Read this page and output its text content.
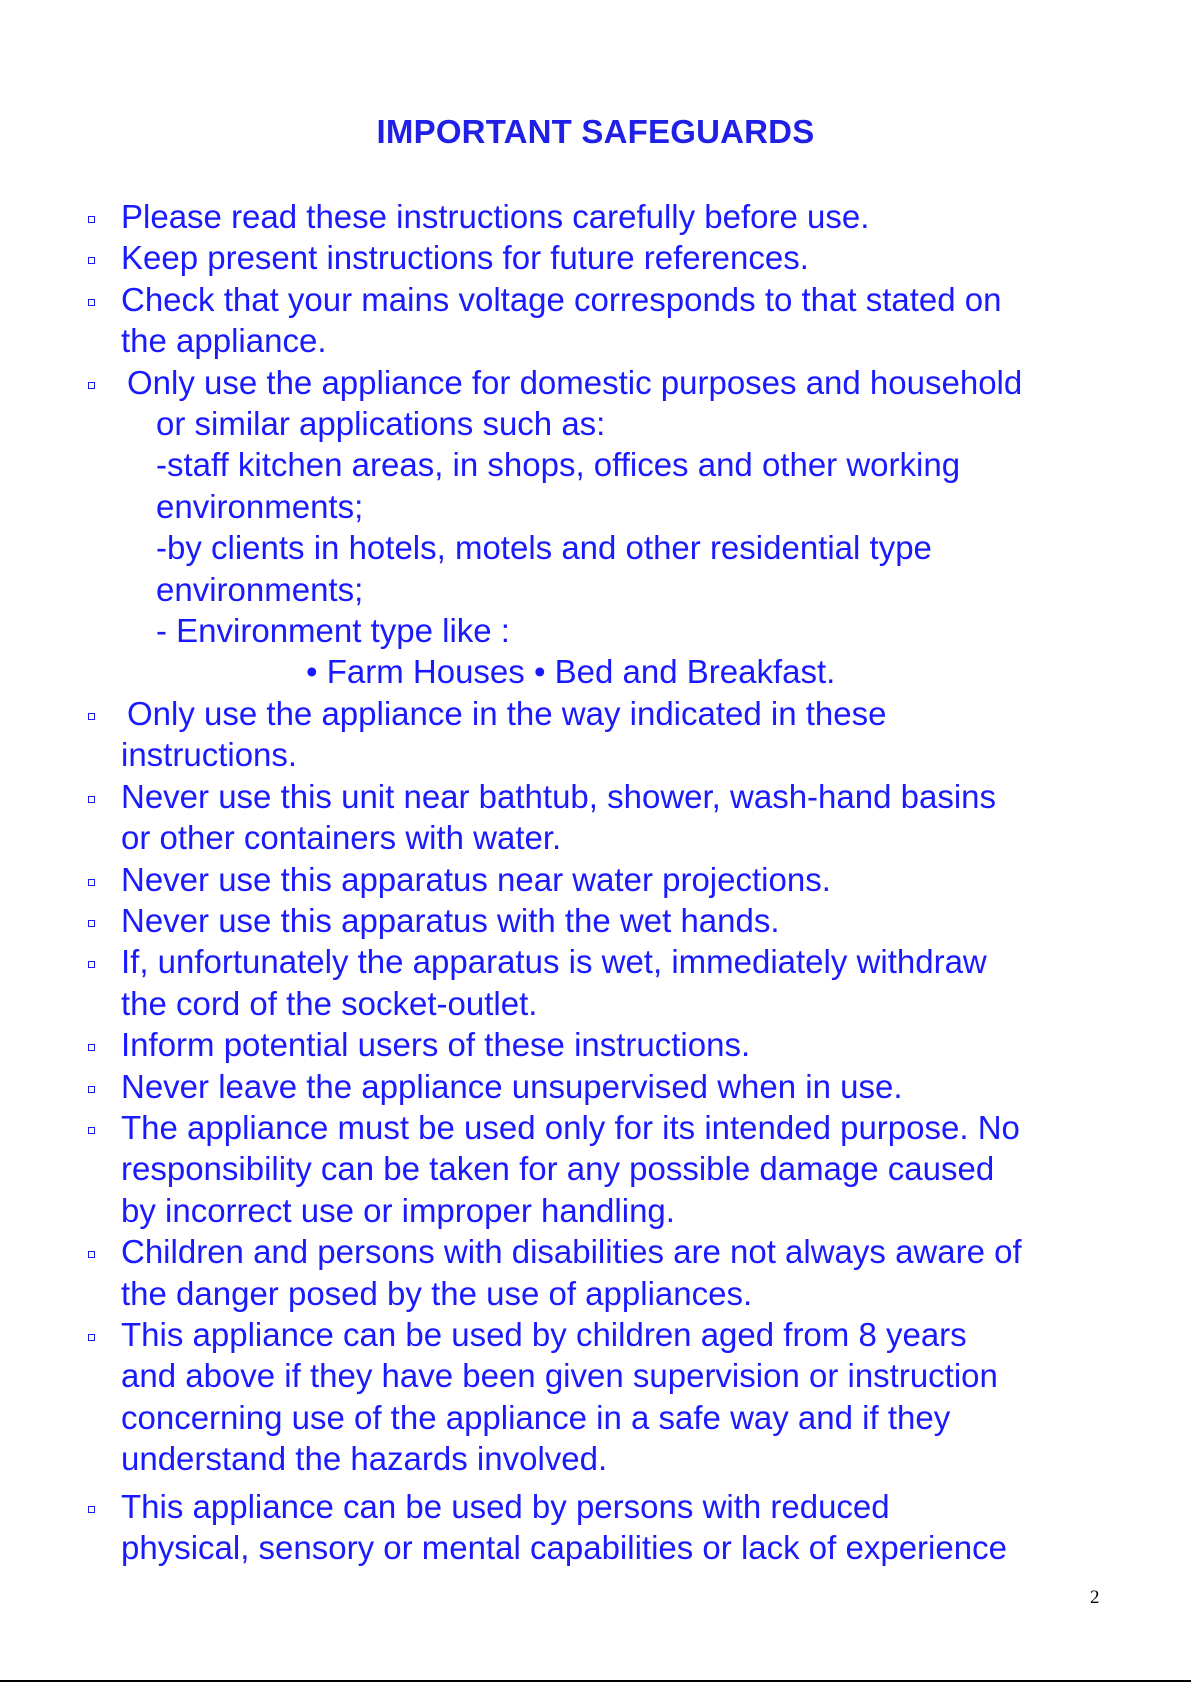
IMPORTANT SAFEGUARDS
Please read these instructions carefully before use.
Keep present instructions for future references.
Check that your mains voltage corresponds to that stated on
the appliance.
Only use the appliance for domestic purposes and household
or similar applications such as:
-staff kitchen areas, in shops, offices and other working
environments;
-by clients in hotels, motels and other residential type
environments;
- Environment type like :
• Farm Houses • Bed and Breakfast.
Only use the appliance in the way indicated in these
instructions.
Never use this unit near bathtub, shower, wash-hand basins
or other containers with water.
Never use this apparatus near water projections.
Never use this apparatus with the wet hands.
If, unfortunately the apparatus is wet, immediately withdraw
the cord of the socket-outlet.
Inform potential users of these instructions.
Never leave the appliance unsupervised when in use.
The appliance must be used only for its intended purpose. No
responsibility can be taken for any possible damage caused
by incorrect use or improper handling.
Children and persons with disabilities are not always aware of
the danger posed by the use of appliances.
This appliance can be used by children aged from 8 years
and above if they have been given supervision or instruction
concerning use of the appliance in a safe way and if they
understand the hazards involved.
This appliance can be used by persons with reduced
physical, sensory or mental capabilities or lack of experience
2
